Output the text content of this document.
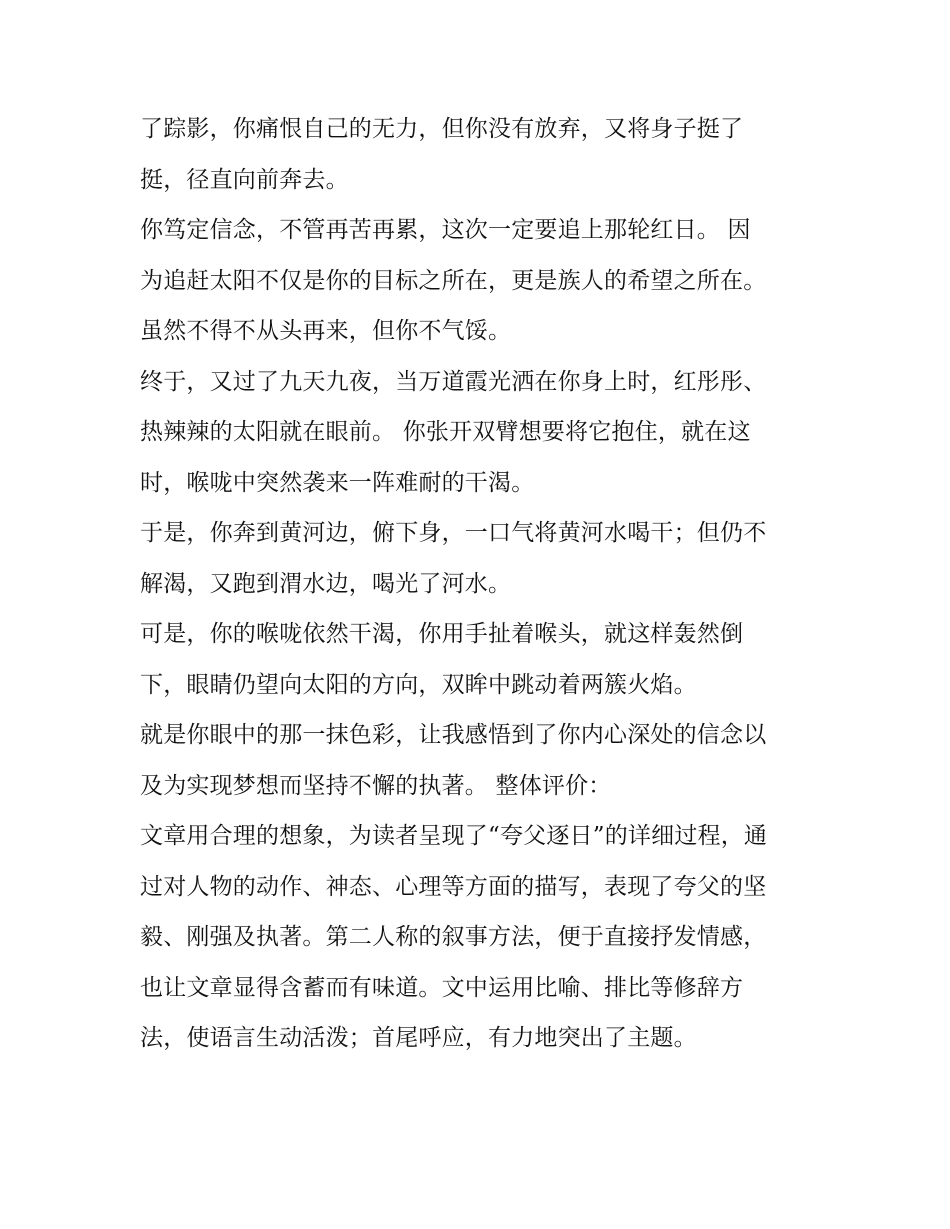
了踪影，你痛恨自己的无力，但你没有放弃，又将身子挺了
挺，径直向前奔去。
你笃定信念，不管再苦再累，这次一定要追上那轮红日。 因
为追赶太阳不仅是你的目标之所在，更是族人的希望之所在。
虽然不得不从头再来，但你不气馁。
终于，又过了九天九夜，当万道霞光洒在你身上时，红彤彤、
热辣辣的太阳就在眼前。 你张开双臂想要将它抱住，就在这
时，喉咙中突然袭来一阵难耐的干渴。
于是，你奔到黄河边，俯下身，一口气将黄河水喝干；但仍不
解渴，又跑到渭水边，喝光了河水。
可是，你的喉咙依然干渴，你用手扯着喉头，就这样轰然倒
下，眼睛仍望向太阳的方向，双眸中跳动着两簇火焰。
就是你眼中的那一抹色彩，让我感悟到了你内心深处的信念以
及为实现梦想而坚持不懈的执著。 整体评价：
文章用合理的想象，为读者呈现了“夸父逐日”的详细过程，通
过对人物的动作、神态、心理等方面的描写，表现了夸父的坚
毅、刚强及执著。第二人称的叙事方法，便于直接抒发情感，
也让文章显得含蓄而有味道。文中运用比喻、排比等修辞方
法，使语言生动活泼；首尾呼应，有力地突出了主题。
